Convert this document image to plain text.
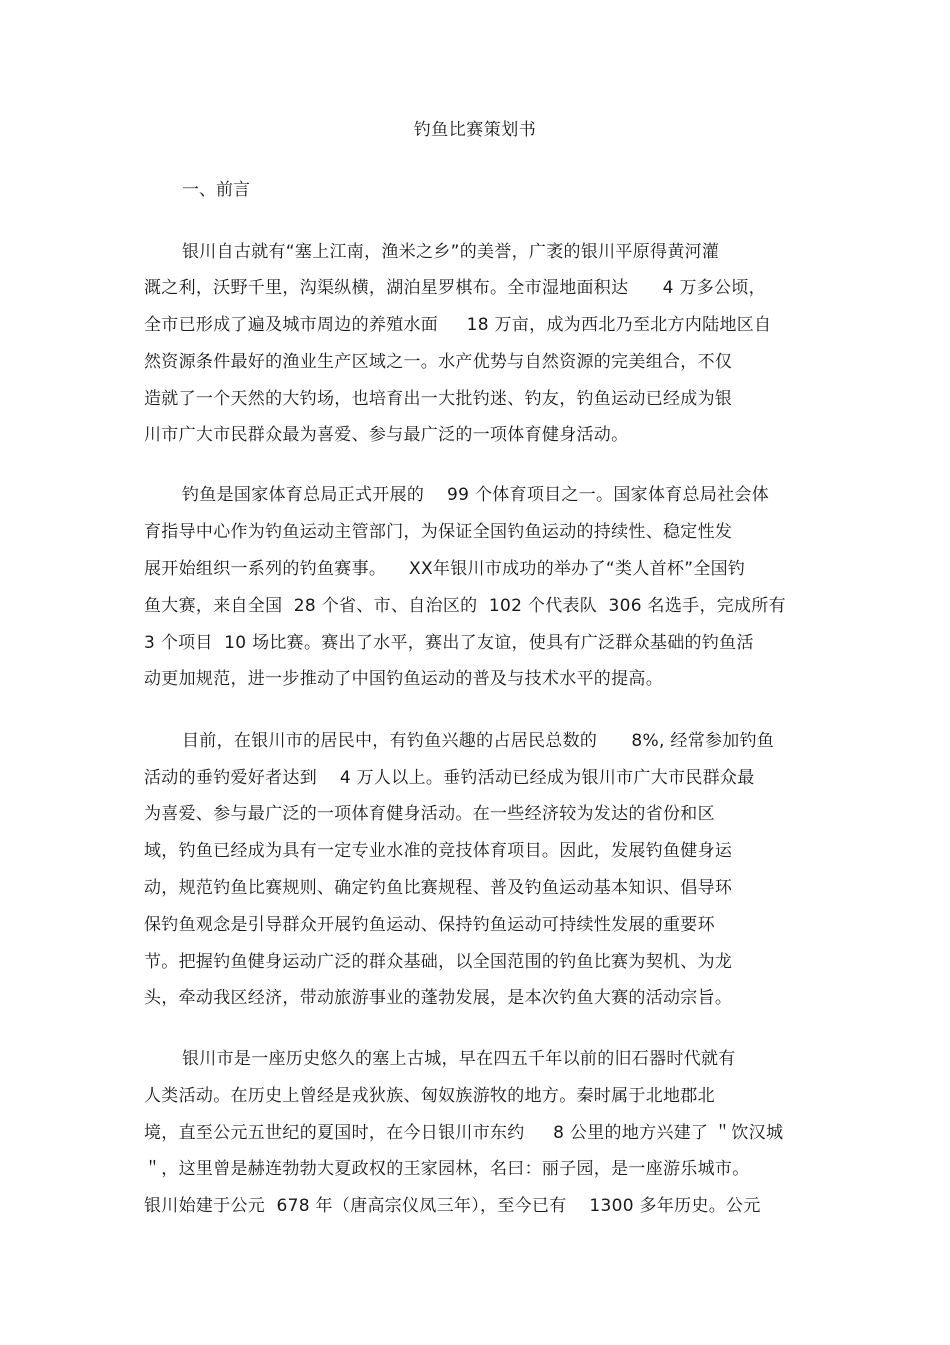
钓鱼比赛策划书
一、前言
银川自古就有“塞上江南，渔米之乡”的美誉，广袤的银川平原得黄河灌
溉之利，沃野千里，沟渠纵横，湖泊星罗棋布。全市湿地面积达      4 万多公顷，
全市已形成了遍及城市周边的养殖水面     18 万亩，成为西北乃至北方内陆地区自
然资源条件最好的渔业生产区域之一。水产优势与自然资源的完美组合，不仅
造就了一个天然的大钓场，也培育出一大批钓迷、钓友，钓鱼运动已经成为银
川市广大市民群众最为喜爱、参与最广泛的一项体育健身活动。
钓鱼是国家体育总局正式开展的    99 个体育项目之一。国家体育总局社会体
育指导中心作为钓鱼运动主管部门，为保证全国钓鱼运动的持续性、稳定性发
展开始组织一系列的钓鱼赛事。    XX年银川市成功的举办了“类人首杯”全国钓
鱼大赛，来自全国  28 个省、市、自治区的  102 个代表队  306 名选手，完成所有
3 个项目  10 场比赛。赛出了水平，赛出了友谊，使具有广泛群众基础的钓鱼活
动更加规范，进一步推动了中国钓鱼运动的普及与技术水平的提高。
目前，在银川市的居民中，有钓鱼兴趣的占居民总数的      8%, 经常参加钓鱼
活动的垂钓爱好者达到    4 万人以上。垂钓活动已经成为银川市广大市民群众最
为喜爱、参与最广泛的一项体育健身活动。在一些经济较为发达的省份和区
域，钓鱼已经成为具有一定专业水准的竞技体育项目。因此，发展钓鱼健身运
动，规范钓鱼比赛规则、确定钓鱼比赛规程、普及钓鱼运动基本知识、倡导环
保钓鱼观念是引导群众开展钓鱼运动、保持钓鱼运动可持续性发展的重要环
节。把握钓鱼健身运动广泛的群众基础，以全国范围的钓鱼比赛为契机、为龙
头，牵动我区经济，带动旅游事业的蓬勃发展，是本次钓鱼大赛的活动宗旨。
银川市是一座历史悠久的塞上古城，早在四五千年以前的旧石器时代就有
人类活动。在历史上曾经是戎狄族、匈奴族游牧的地方。秦时属于北地郡北
境，直至公元五世纪的夏国时，在今日银川市东约     8 公里的地方兴建了 ＂饮汉城
＂，这里曾是赫连勃勃大夏政权的王家园林，名曰：丽子园，是一座游乐城市。
银川始建于公元  678 年（唐高宗仪凤三年），至今已有    1300 多年历史。公元
